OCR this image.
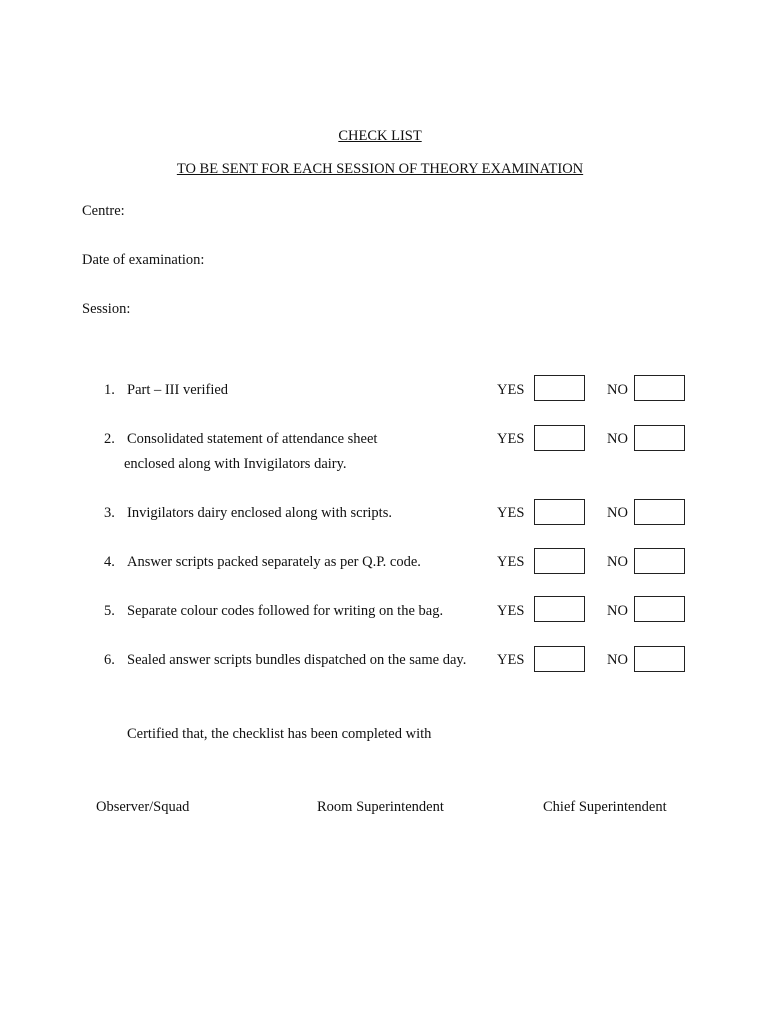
CHECK LIST
TO BE SENT FOR EACH SESSION OF THEORY EXAMINATION
Centre:
Date of examination:
Session:
1. Part – III verified	YES	NO
2. Consolidated statement of attendance sheet
enclosed along with Invigilators dairy.
YES	NO
3. Invigilators dairy enclosed along with scripts.	YES	NO
4. Answer scripts packed separately as per Q.P. code.	YES	NO
5. Separate colour codes followed for writing on the bag.	YES	NO
6. Sealed answer scripts bundles dispatched on the same day. YES	NO
Certified that, the checklist has been completed with
Observer/Squad	Room Superintendent	Chief Superintendent
